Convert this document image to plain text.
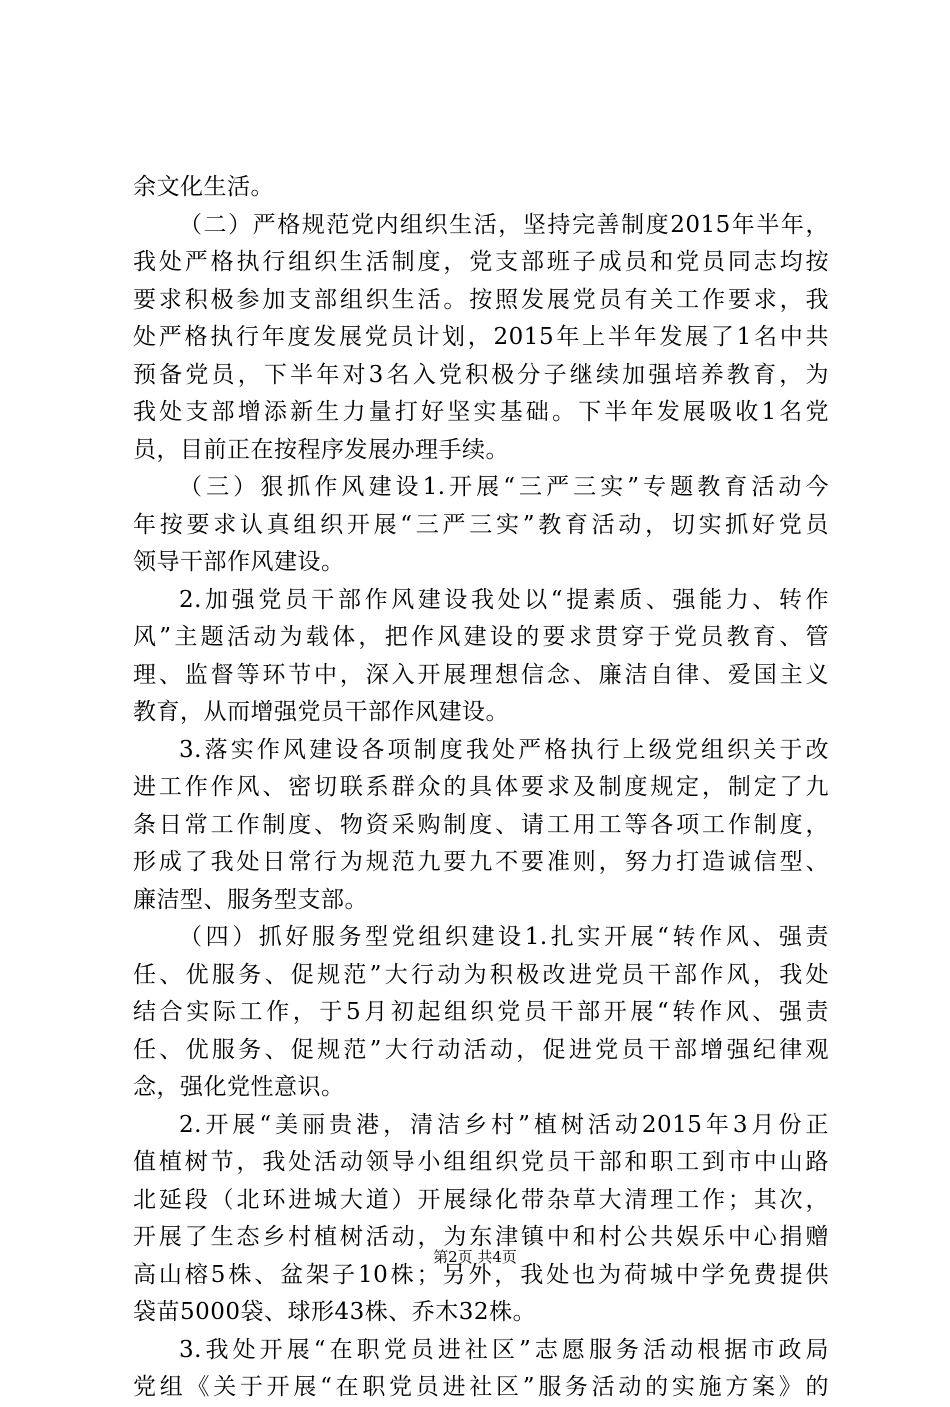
余文化生活。
（二）严格规范党内组织生活，坚持完善制度2015年半年，
我处严格执行组织生活制度，党支部班子成员和党员同志均按
要求积极参加支部组织生活。按照发展党员有关工作要求，我
处严格执行年度发展党员计划，2015年上半年发展了1名中共
预备党员，下半年对3名入党积极分子继续加强培养教育，为
我处支部增添新生力量打好坚实基础。下半年发展吸收1名党
员，目前正在按程序发展办理手续。
（三）狠抓作风建设1.开展“三严三实”专题教育活动今
年按要求认真组织开展“三严三实”教育活动，切实抓好党员
领导干部作风建设。
2.加强党员干部作风建设我处以“提素质、强能力、转作
风”主题活动为载体，把作风建设的要求贯穿于党员教育、管
理、监督等环节中，深入开展理想信念、廉洁自律、爱国主义
教育，从而增强党员干部作风建设。
3.落实作风建设各项制度我处严格执行上级党组织关于改
进工作作风、密切联系群众的具体要求及制度规定，制定了九
条日常工作制度、物资采购制度、请工用工等各项工作制度，
形成了我处日常行为规范九要九不要准则，努力打造诚信型、
廉洁型、服务型支部。
（四）抓好服务型党组织建设1.扎实开展“转作风、强责
任、优服务、促规范”大行动为积极改进党员干部作风，我处
结合实际工作，于5月初起组织党员干部开展“转作风、强责
任、优服务、促规范”大行动活动，促进党员干部增强纪律观
念，强化党性意识。
2.开展“美丽贵港，清洁乡村”植树活动2015年3月份正
值植树节，我处活动领导小组组织党员干部和职工到市中山路
北延段（北环进城大道）开展绿化带杂草大清理工作；其次，
开展了生态乡村植树活动，为东津镇中和村公共娱乐中心捐赠
高山榕5株、盆架子10株；另外，我处也为荷城中学免费提供
袋苗5000袋、球形43株、乔木32株。
3.我处开展“在职党员进社区”志愿服务活动根据市政局
党组《关于开展“在职党员进社区”服务活动的实施方案》的
第2页 共4页
